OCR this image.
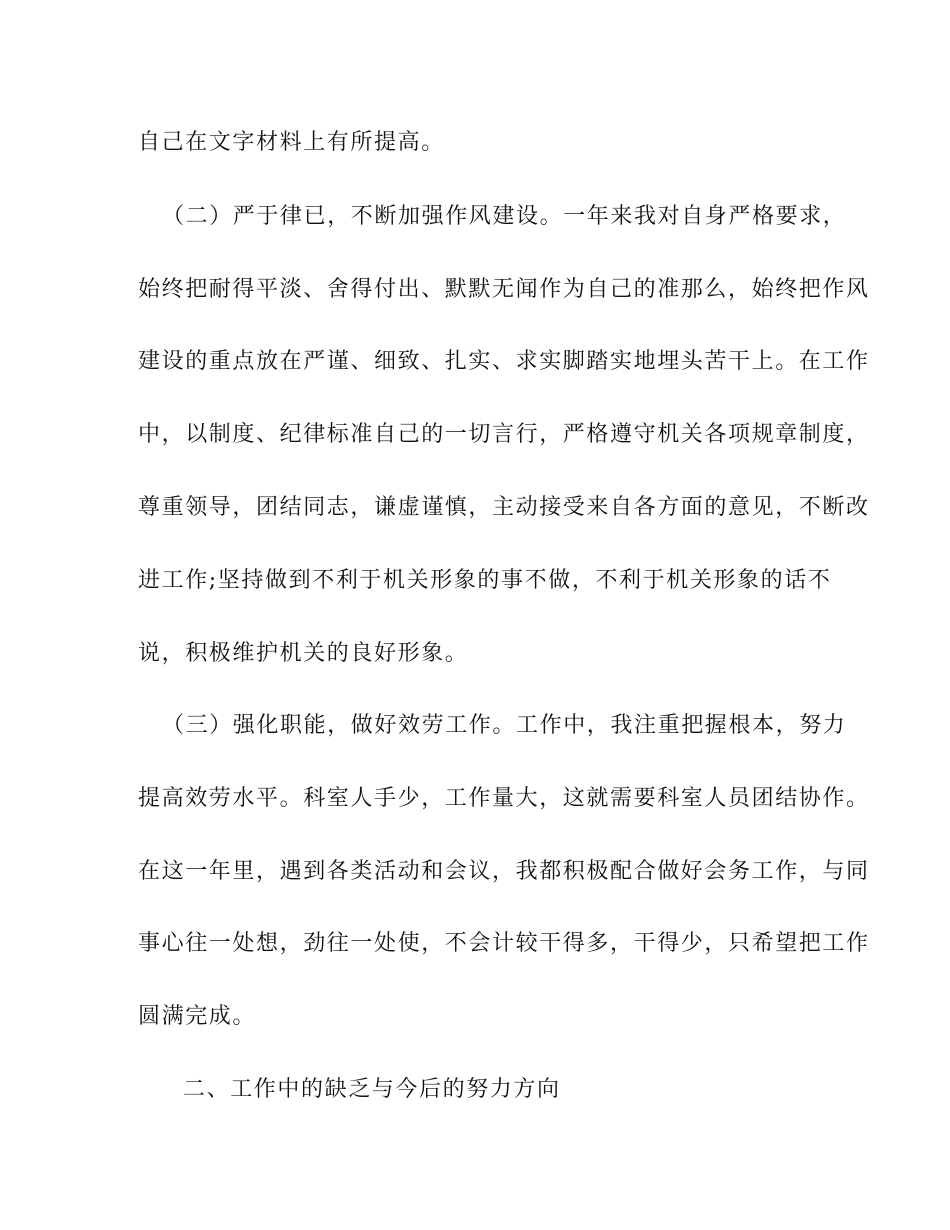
自己在文字材料上有所提高。
（二）严于律已，不断加强作风建设。一年来我对自身严格要求，
始终把耐得平淡、舍得付出、默默无闻作为自己的准那么，始终把作风
建设的重点放在严谨、细致、扎实、求实脚踏实地埋头苦干上。在工作
中，以制度、纪律标准自己的一切言行，严格遵守机关各项规章制度，
尊重领导，团结同志，谦虚谨慎，主动接受来自各方面的意见，不断改
进工作;坚持做到不利于机关形象的事不做，不利于机关形象的话不
说，积极维护机关的良好形象。
（三）强化职能，做好效劳工作。工作中，我注重把握根本，努力
提高效劳水平。科室人手少，工作量大，这就需要科室人员团结协作。
在这一年里，遇到各类活动和会议，我都积极配合做好会务工作，与同
事心往一处想，劲往一处使，不会计较干得多，干得少，只希望把工作
圆满完成。
二、工作中的缺乏与今后的努力方向
